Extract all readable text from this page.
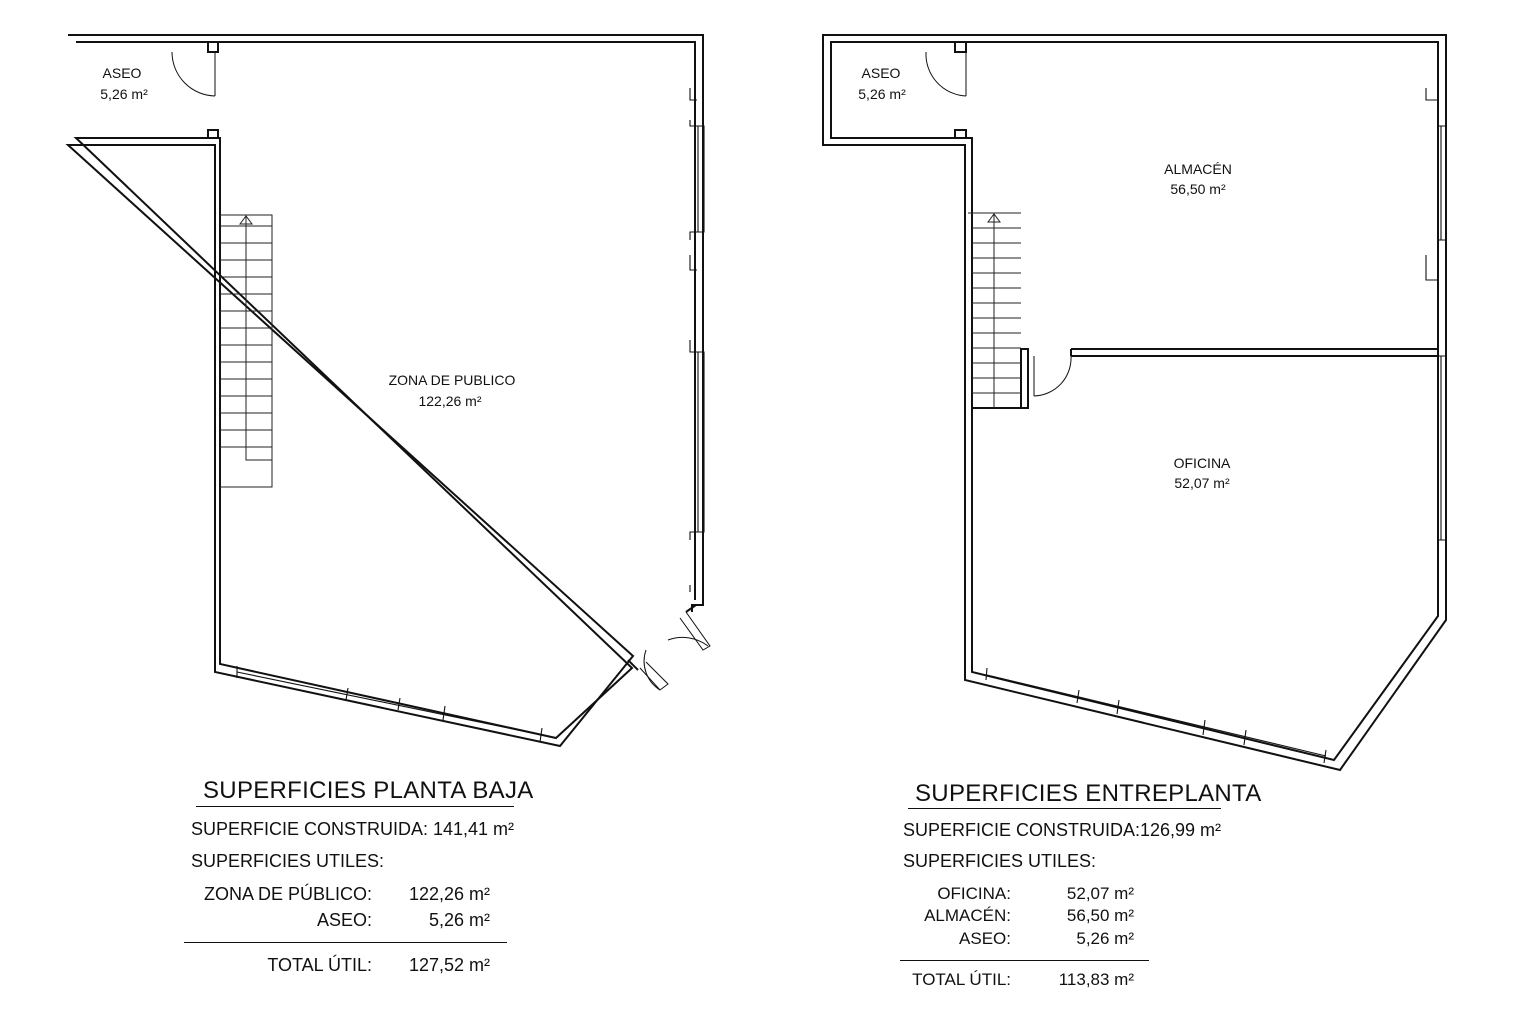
ASEO
5,26 m²
ZONA DE PUBLICO
122,26 m²
ASEO
5,26 m²
ALMACÉN
56,50 m²
OFICINA
52,07 m²
SUPERFICIES PLANTA BAJA
SUPERFICIE CONSTRUIDA: 141,41 m²
SUPERFICIES UTILES:
ZONA DE PÚBLICO:	122,26 m²
ASEO:	5,26 m²
TOTAL ÚTIL:	127,52 m²
SUPERFICIES ENTREPLANTA
SUPERFICIE CONSTRUIDA: 126,99 m²
SUPERFICIES UTILES:
OFICINA:	52,07 m²
ALMACÉN:	56,50 m²
ASEO:	5,26 m²
TOTAL ÚTIL:	113,83 m²
